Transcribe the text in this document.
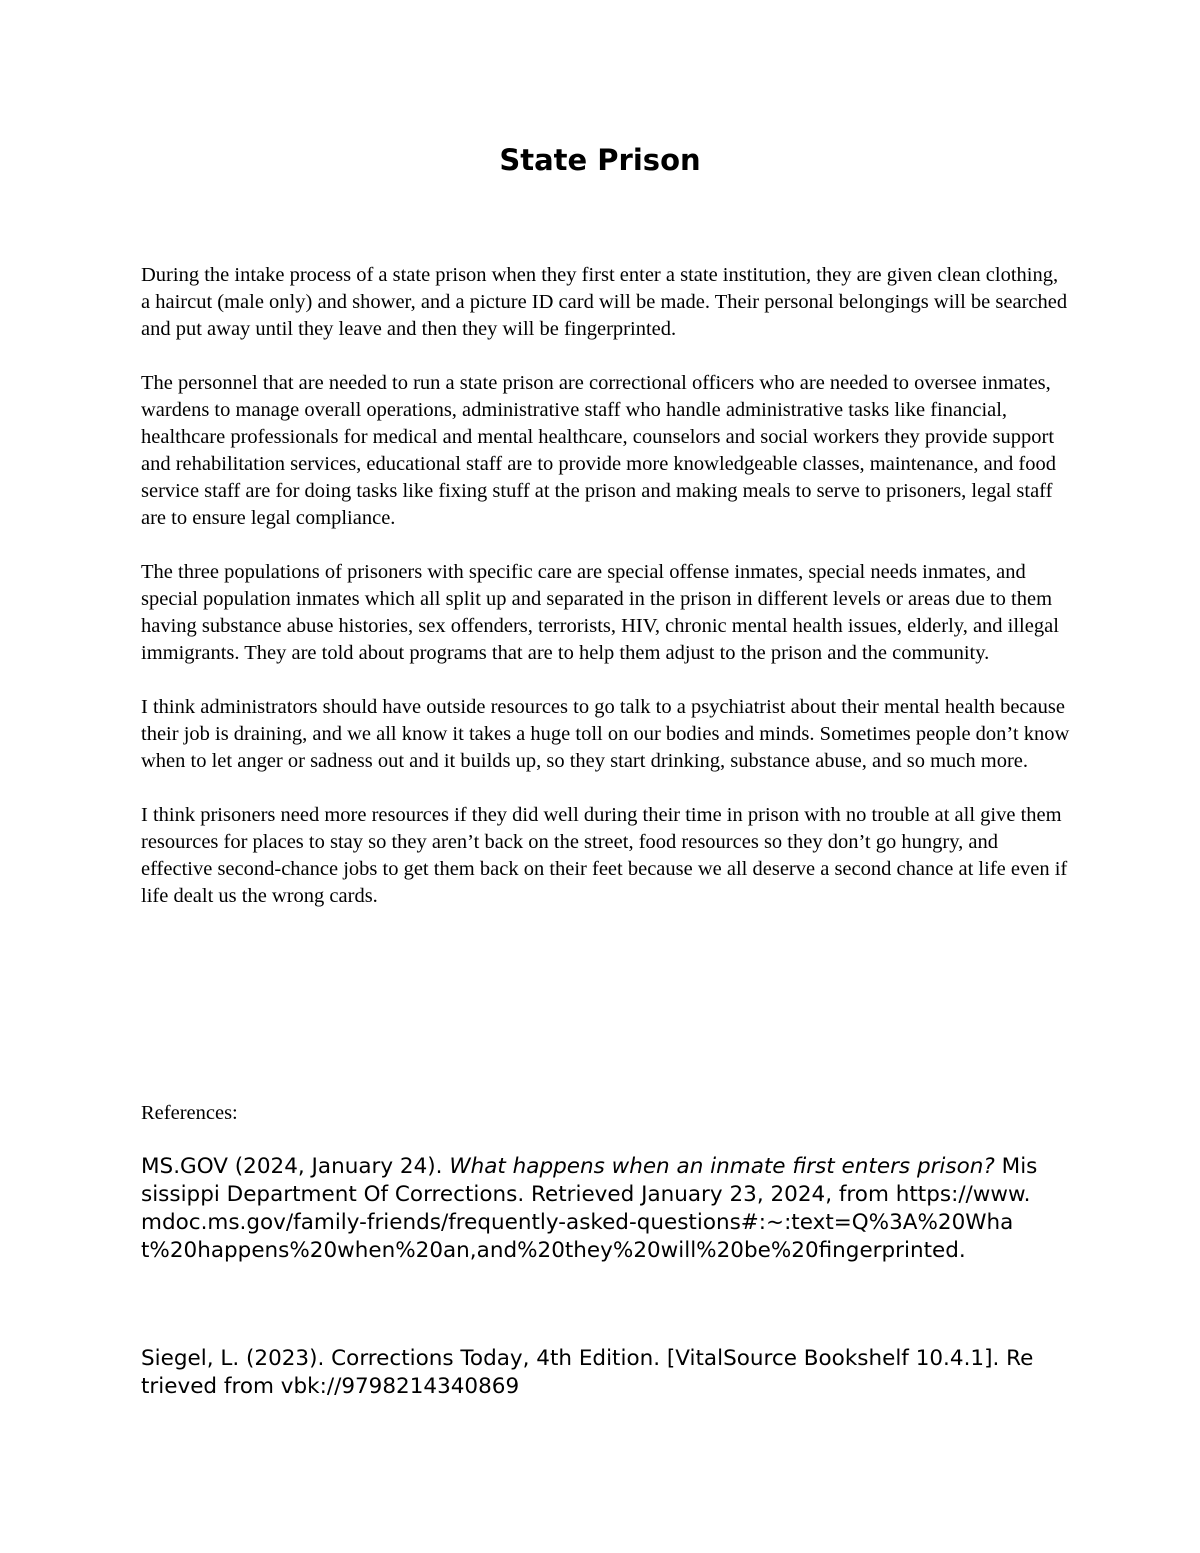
State Prison

During the intake process of a state prison when they first enter a state institution, they are given clean clothing, a haircut (male only) and shower, and a picture ID card will be made. Their personal belongings will be searched and put away until they leave and then they will be fingerprinted.

The personnel that are needed to run a state prison are correctional officers who are needed to oversee inmates, wardens to manage overall operations, administrative staff who handle administrative tasks like financial, healthcare professionals for medical and mental healthcare, counselors and social workers they provide support and rehabilitation services, educational staff are to provide more knowledgeable classes, maintenance, and food service staff are for doing tasks like fixing stuff at the prison and making meals to serve to prisoners, legal staff are to ensure legal compliance.

The three populations of prisoners with specific care are special offense inmates, special needs inmates, and special population inmates which all split up and separated in the prison in different levels or areas due to them having substance abuse histories, sex offenders, terrorists, HIV, chronic mental health issues, elderly, and illegal immigrants. They are told about programs that are to help them adjust to the prison and the community.

I think administrators should have outside resources to go talk to a psychiatrist about their mental health because their job is draining, and we all know it takes a huge toll on our bodies and minds. Sometimes people don’t know when to let anger or sadness out and it builds up, so they start drinking, substance abuse, and so much more.

I think prisoners need more resources if they did well during their time in prison with no trouble at all give them resources for places to stay so they aren’t back on the street, food resources so they don’t go hungry, and effective second-chance jobs to get them back on their feet because we all deserve a second chance at life even if life dealt us the wrong cards.

References:

MS.GOV (2024, January 24). What happens when an inmate first enters prison? Mississippi Department Of Corrections. Retrieved January 23, 2024, from https://www.mdoc.ms.gov/family-friends/frequently-asked-questions#:~:text=Q%3A%20What%20happens%20when%20an,and%20they%20will%20be%20fingerprinted.

Siegel, L. (2023). Corrections Today, 4th Edition. [VitalSource Bookshelf 10.4.1]. Retrieved from vbk://9798214340869
